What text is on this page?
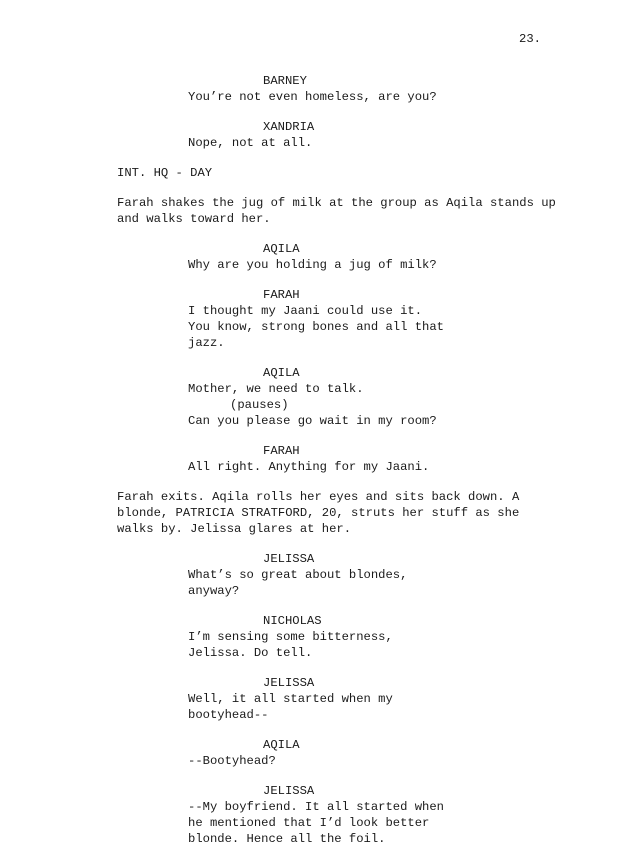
23.
BARNEY
You’re not even homeless, are you?
XANDRIA
Nope, not at all.
INT. HQ - DAY
Farah shakes the jug of milk at the group as Aqila stands up
and walks toward her.
AQILA
Why are you holding a jug of milk?
FARAH
I thought my Jaani could use it.
You know, strong bones and all that
jazz.
AQILA
Mother, we need to talk.
(pauses)
Can you please go wait in my room?
FARAH
All right. Anything for my Jaani.
Farah exits. Aqila rolls her eyes and sits back down. A
blonde, PATRICIA STRATFORD, 20, struts her stuff as she
walks by. Jelissa glares at her.
JELISSA
What’s so great about blondes,
anyway?
NICHOLAS
I’m sensing some bitterness,
Jelissa. Do tell.
JELISSA
Well, it all started when my
bootyhead--
AQILA
--Bootyhead?
JELISSA
--My boyfriend. It all started when
he mentioned that I’d look better
blonde. Hence all the foil.
